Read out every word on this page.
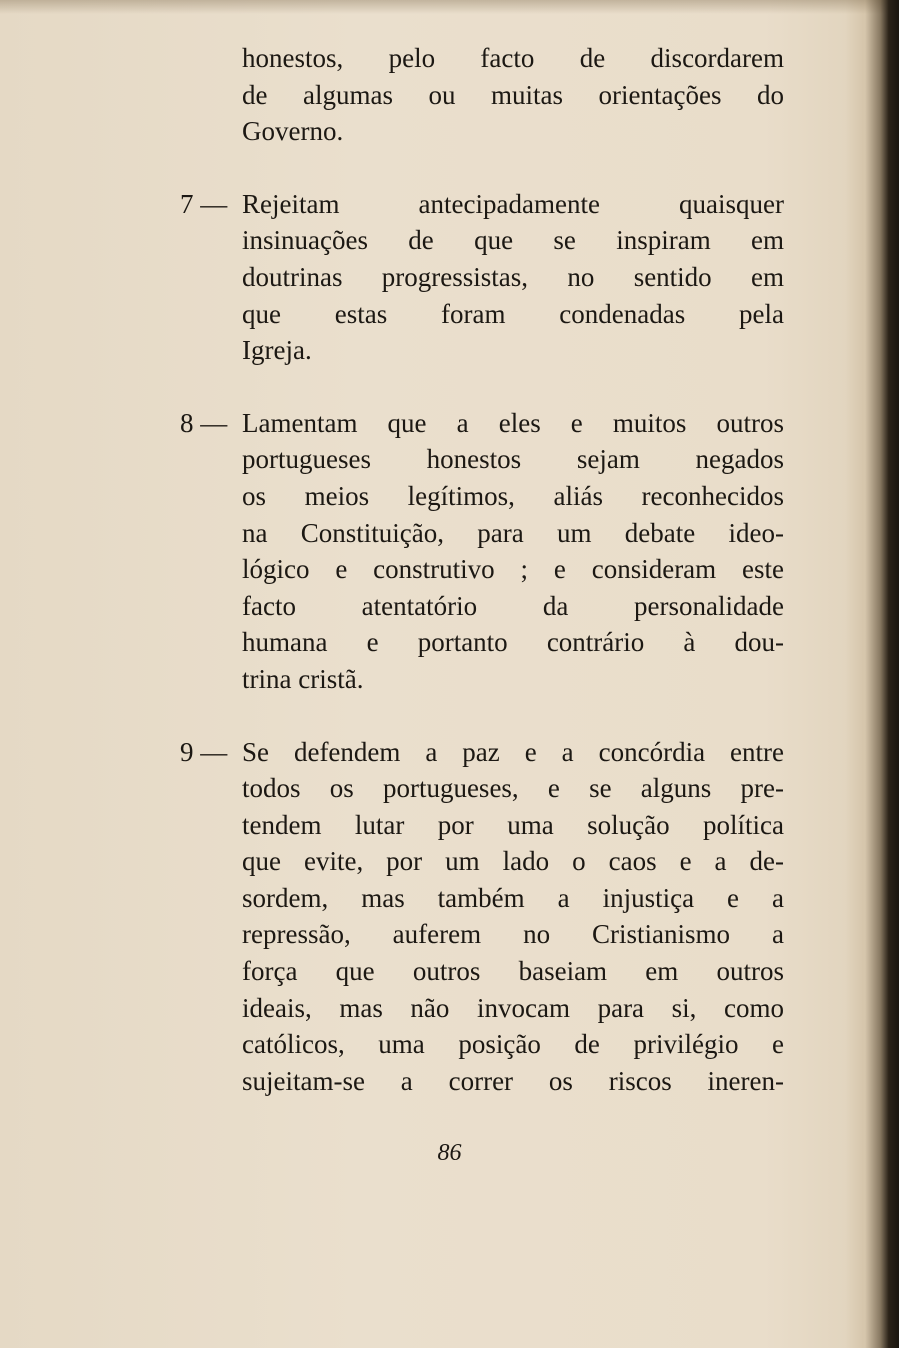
honestos, pelo facto de discordarem
de algumas ou muitas orientações do
Governo.
7 — Rejeitam antecipadamente quaisquer
insinuações de que se inspiram em
doutrinas progressistas, no sentido em
que estas foram condenadas pela
Igreja.
8 — Lamentam que a eles e muitos outros
portugueses honestos sejam negados
os meios legítimos, aliás reconhecidos
na Constituição, para um debate ideo-
lógico e construtivo ; e consideram este
facto atentatório da personalidade
humana e portanto contrário à dou-
trina cristã.
9 — Se defendem a paz e a concórdia entre
todos os portugueses, e se alguns pre-
tendem lutar por uma solução política
que evite, por um lado o caos e a de-
sordem, mas também a injustiça e a
repressão, auferem no Cristianismo a
força que outros baseiam em outros
ideais, mas não invocam para si, como
católicos, uma posição de privilégio e
sujeitam-se a correr os riscos ineren-
86
